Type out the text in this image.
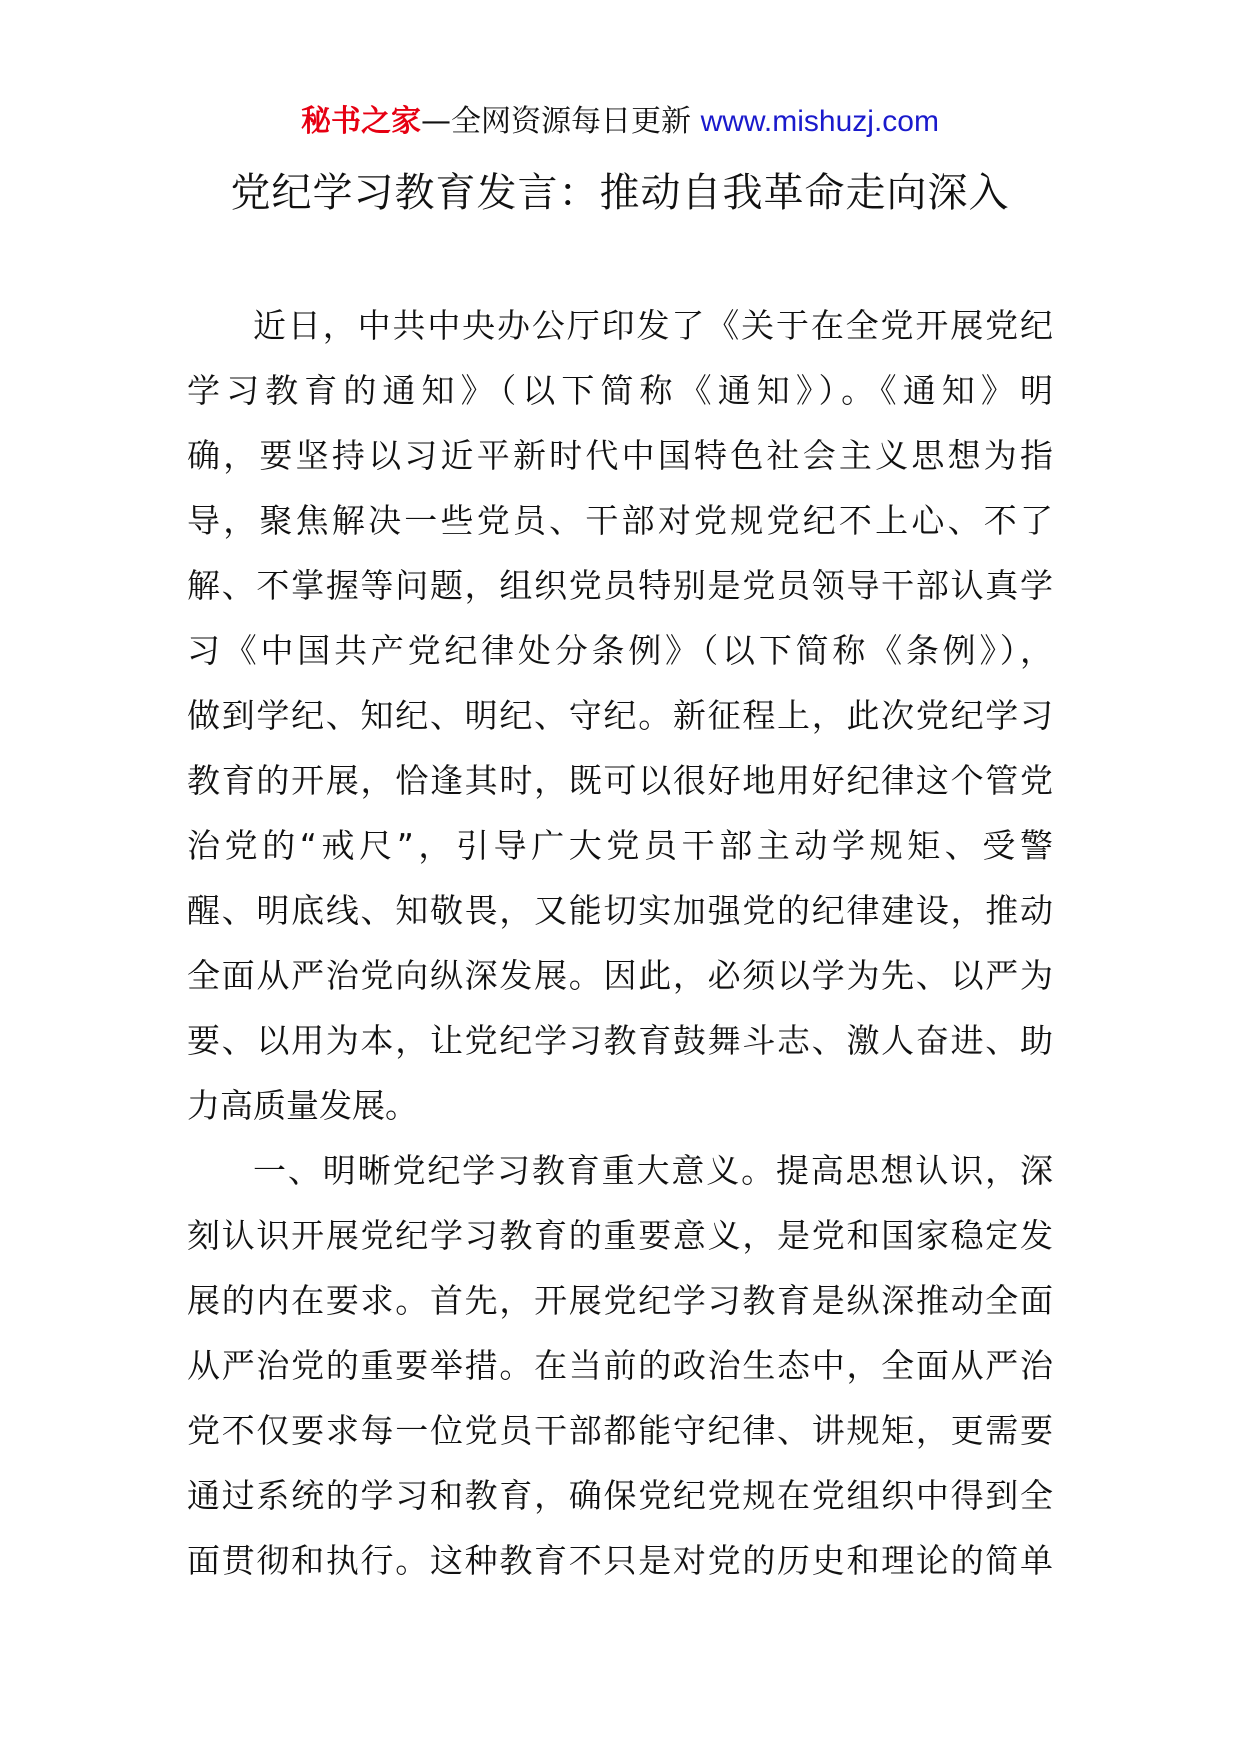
秘书之家—全网资源每日更新 www.mishuzj.com
党纪学习教育发言：推动自我革命走向深入
近日，中共中央办公厅印发了《关于在全党开展党纪
学习教育的通知》（以下简称《通知》）。《通知》明
确，要坚持以习近平新时代中国特色社会主义思想为指
导，聚焦解决一些党员、干部对党规党纪不上心、不了
解、不掌握等问题，组织党员特别是党员领导干部认真学
习《中国共产党纪律处分条例》（以下简称《条例》），
做到学纪、知纪、明纪、守纪。新征程上，此次党纪学习
教育的开展，恰逢其时，既可以很好地用好纪律这个管党
治党的“戒尺”，引导广大党员干部主动学规矩、受警
醒、明底线、知敬畏，又能切实加强党的纪律建设，推动
全面从严治党向纵深发展。因此，必须以学为先、以严为
要、以用为本，让党纪学习教育鼓舞斗志、激人奋进、助
力高质量发展。
一、明晰党纪学习教育重大意义。提高思想认识，深
刻认识开展党纪学习教育的重要意义，是党和国家稳定发
展的内在要求。首先，开展党纪学习教育是纵深推动全面
从严治党的重要举措。在当前的政治生态中，全面从严治
党不仅要求每一位党员干部都能守纪律、讲规矩，更需要
通过系统的学习和教育，确保党纪党规在党组织中得到全
面贯彻和执行。这种教育不只是对党的历史和理论的简单
